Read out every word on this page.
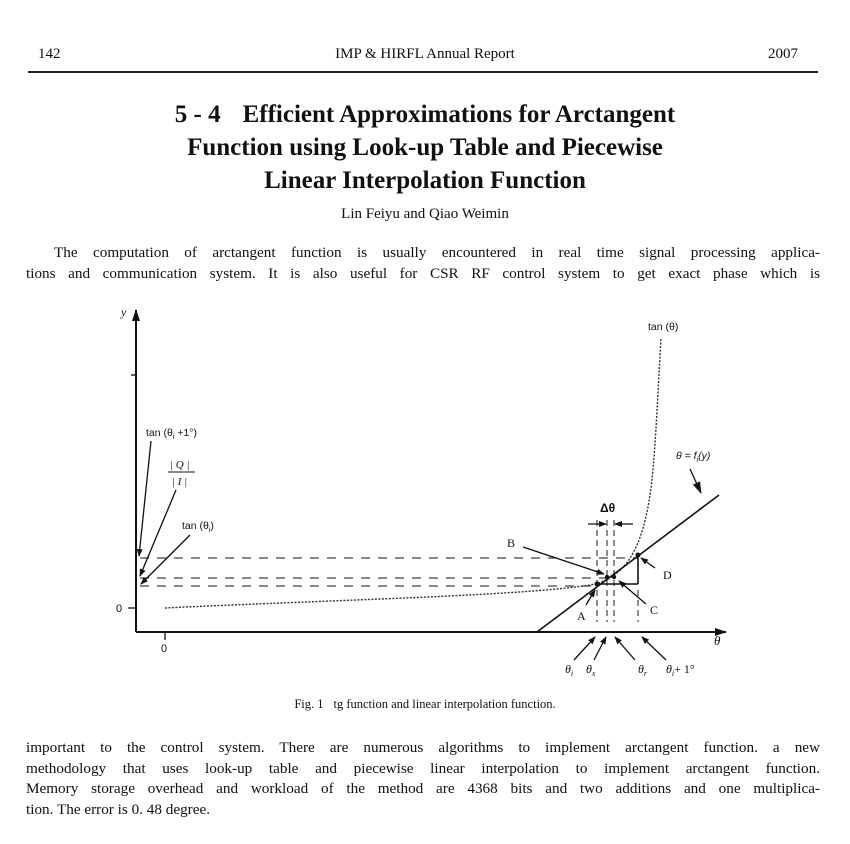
142	IMP & HIRFL Annual Report	2007
5 - 4 Efficient Approximations for Arctangent
Function using Look-up Table and Piecewise
Linear Interpolation Function
Lin Feiyu and Qiao Weimin
The computation of arctangent function is usually encountered in real time signal processing applica-
tions and communication system. It is also useful for CSR RF control system to get exact phase which is
y
θ
0
0
Δθ
B
A	C
D
tan (θ)
$\theta = f_i(y)$
$\tan (\theta_i +1^\circ)$
| Q |
| I |
$\tan (\theta_i)$
$\theta_i$ $\theta_x$	$\theta_r$ $\theta_i+ 1^\circ$
Fig. 1 tg function and linear interpolation function.
important to the control system. There are numerous algorithms to implement arctangent function. a new
methodology that uses look-up table and piecewise linear interpolation to implement arctangent function.
Memory storage overhead and workload of the method are 4368 bits and two additions and one multiplica-
tion. The error is 0. 48 degree.
